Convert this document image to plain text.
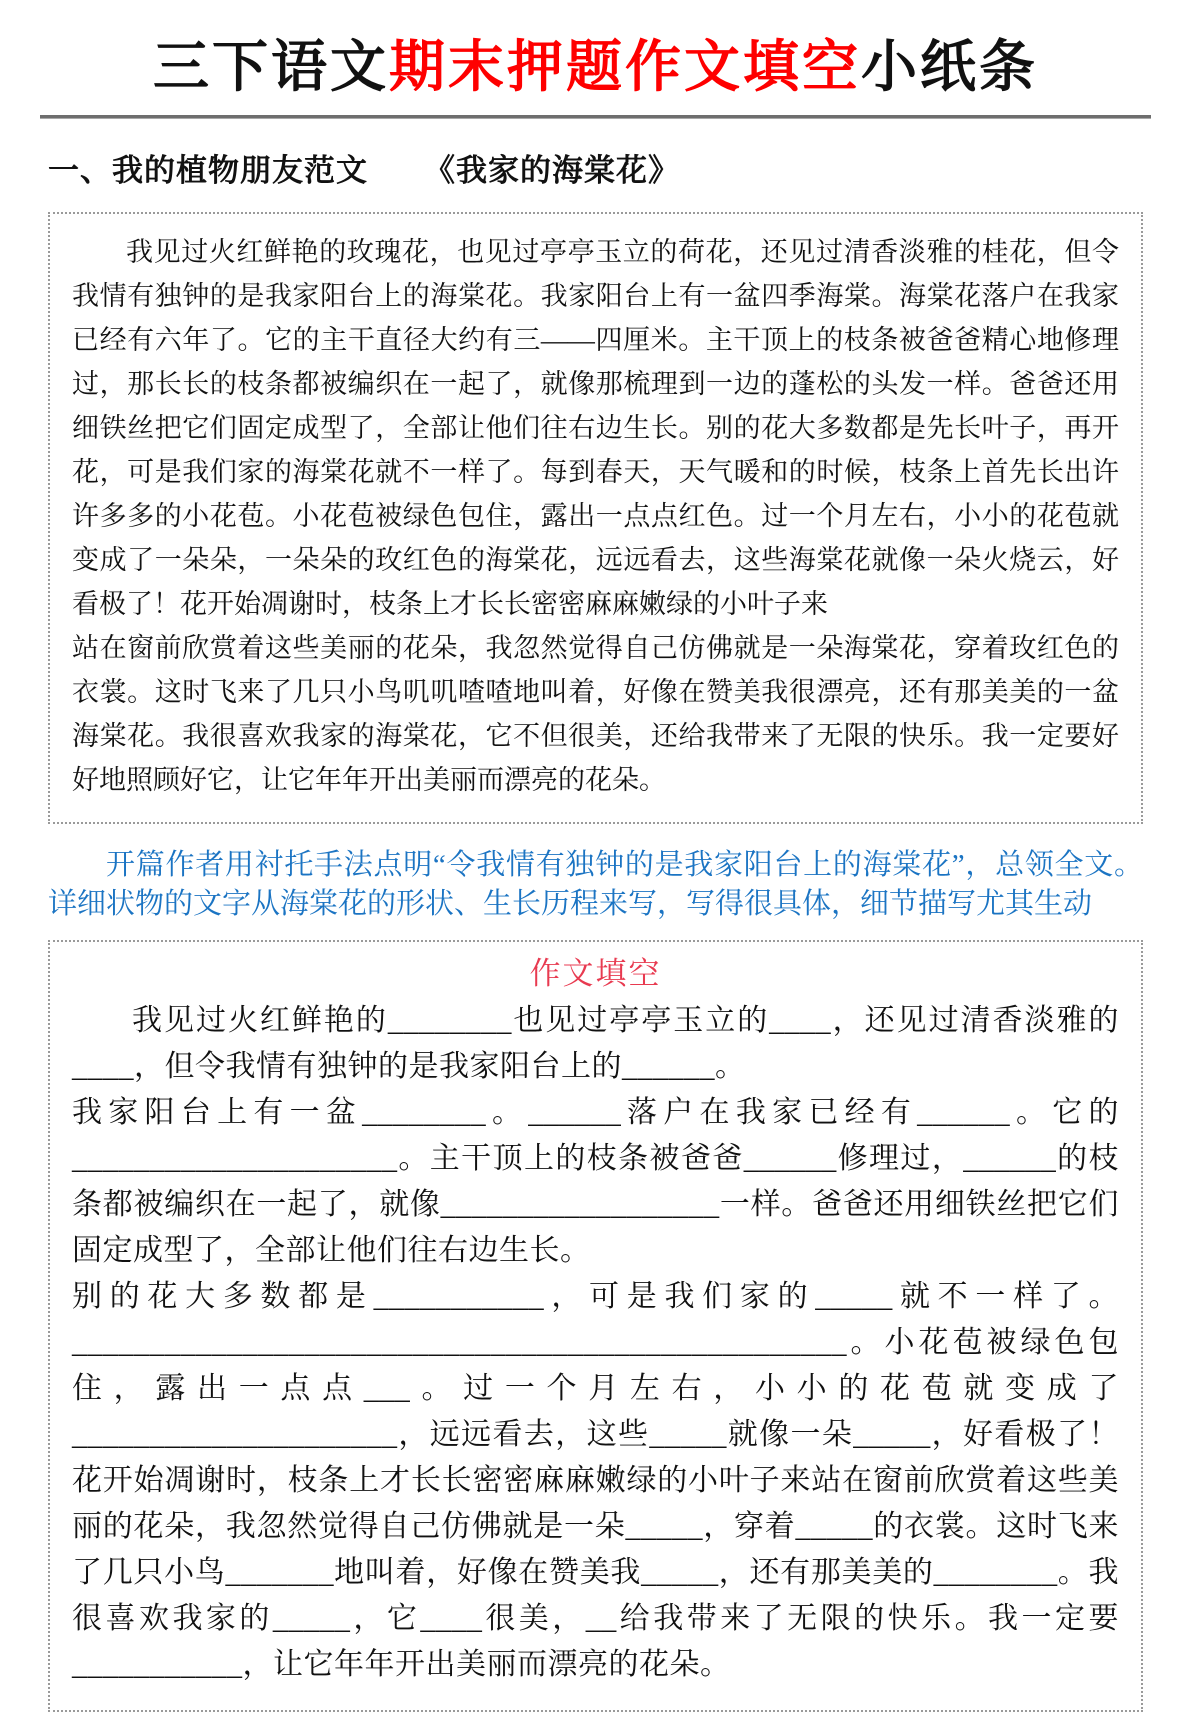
三下语文期末押题作文填空小纸条
一、我的植物朋友范文 《我家的海棠花》

我见过火红鲜艳的玫瑰花，也见过亭亭玉立的荷花，还见过清香淡雅的桂花，但令我情有独钟的是我家阳台上的海棠花。我家阳台上有一盆四季海棠。海棠花落户在我家已经有六年了。它的主干直径大约有三——四厘米。主干顶上的枝条被爸爸精心地修理过，那长长的枝条都被编织在一起了，就像那梳理到一边的蓬松的头发一样。爸爸还用细铁丝把它们固定成型了，全部让他们往右边生长。别的花大多数都是先长叶子，再开花，可是我们家的海棠花就不一样了。每到春天，天气暖和的时候，枝条上首先长出许许多多的小花苞。小花苞被绿色包住，露出一点点红色。过一个月左右，小小的花苞就变成了一朵朵，一朵朵的玫红色的海棠花，远远看去，这些海棠花就像一朵火烧云，好看极了！花开始凋谢时，枝条上才长长密密麻麻嫩绿的小叶子来

站在窗前欣赏着这些美丽的花朵，我忽然觉得自己仿佛就是一朵海棠花，穿着玫红色的衣裳。这时飞来了几只小鸟叽叽喳喳地叫着，好像在赞美我很漂亮，还有那美美的一盆海棠花。我很喜欢我家的海棠花，它不但很美，还给我带来了无限的快乐。我一定要好好地照顾好它，让它年年开出美丽而漂亮的花朵。

开篇作者用衬托手法点明“令我情有独钟的是我家阳台上的海棠花”，总领全文。详细状物的文字从海棠花的形状、生长历程来写，写得很具体，细节描写尤其生动

作文填空

我见过火红鲜艳的________也见过亭亭玉立的____，还见过清香淡雅的____，但令我情有独钟的是我家阳台上的______。

我家阳台上有一盆________。______落户在我家已经有______。它的_____________________。主干顶上的枝条被爸爸______修理过，______的枝条都被编织在一起了，就像__________________一样。爸爸还用细铁丝把它们固定成型了，全部让他们往右边生长。

别的花大多数都是___________，可是我们家的_____就不一样了。__________________________________________________。小花苞被绿色包住，露出一点点___。过一个月左右，小小的花苞就变成了_____________________，远远看去，这些_____就像一朵_____，好看极了！花开始凋谢时，枝条上才长长密密麻麻嫩绿的小叶子来站在窗前欣赏着这些美丽的花朵，我忽然觉得自己仿佛就是一朵_____，穿着_____的衣裳。这时飞来了几只小鸟_______地叫着，好像在赞美我_____，还有那美美的________。我很喜欢我家的_____，它____很美，__给我带来了无限的快乐。我一定要___________，让它年年开出美丽而漂亮的花朵。
